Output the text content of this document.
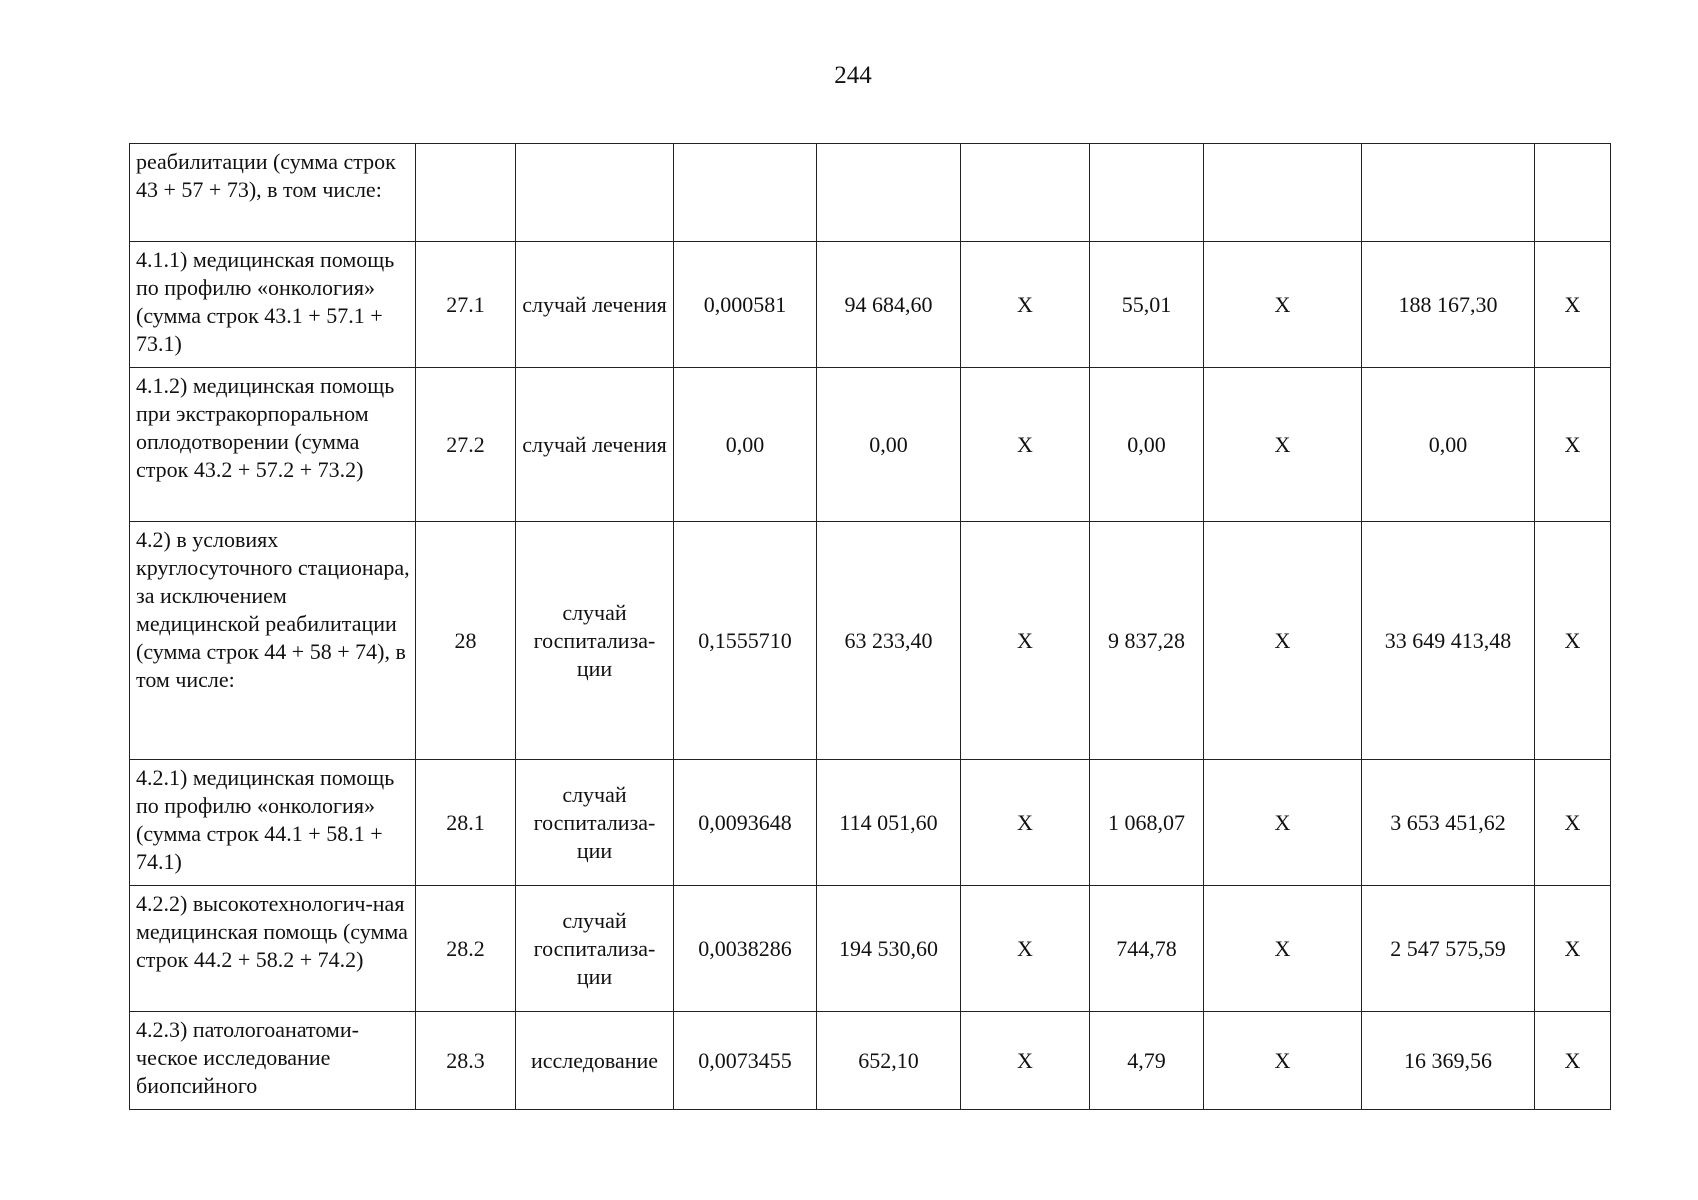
244
реабилитации (сумма строк 43 + 57 + 73), в том числе:									
4.1.1) медицинская помощь по профилю «онкология» (сумма строк 43.1 + 57.1 + 73.1)	27.1	случай лечения	0,000581	94 684,60	X	55,01	X	188 167,30	X
4.1.2) медицинская помощь при экстракорпоральном оплодотворении (сумма строк 43.2 + 57.2 + 73.2)	27.2	случай лечения	0,00	0,00	X	0,00	X	0,00	X
4.2) в условиях круглосуточного стационара, за исключением медицинской реабилитации (сумма строк 44 + 58 + 74), в том числе:	28	случай госпитализа-ции	0,1555710	63 233,40	X	9 837,28	X	33 649 413,48	X
4.2.1) медицинская помощь по профилю «онкология» (сумма строк 44.1 + 58.1 + 74.1)	28.1	случай госпитализа-ции	0,0093648	114 051,60	X	1 068,07	X	3 653 451,62	X
4.2.2) высокотехнологич-ная медицинская помощь (сумма строк 44.2 + 58.2 + 74.2)	28.2	случай госпитализа-ции	0,0038286	194 530,60	X	744,78	X	2 547 575,59	X
4.2.3) патологоанатоми-ческое исследование биопсийного	28.3	исследование	0,0073455	652,10	X	4,79	X	16 369,56	X
